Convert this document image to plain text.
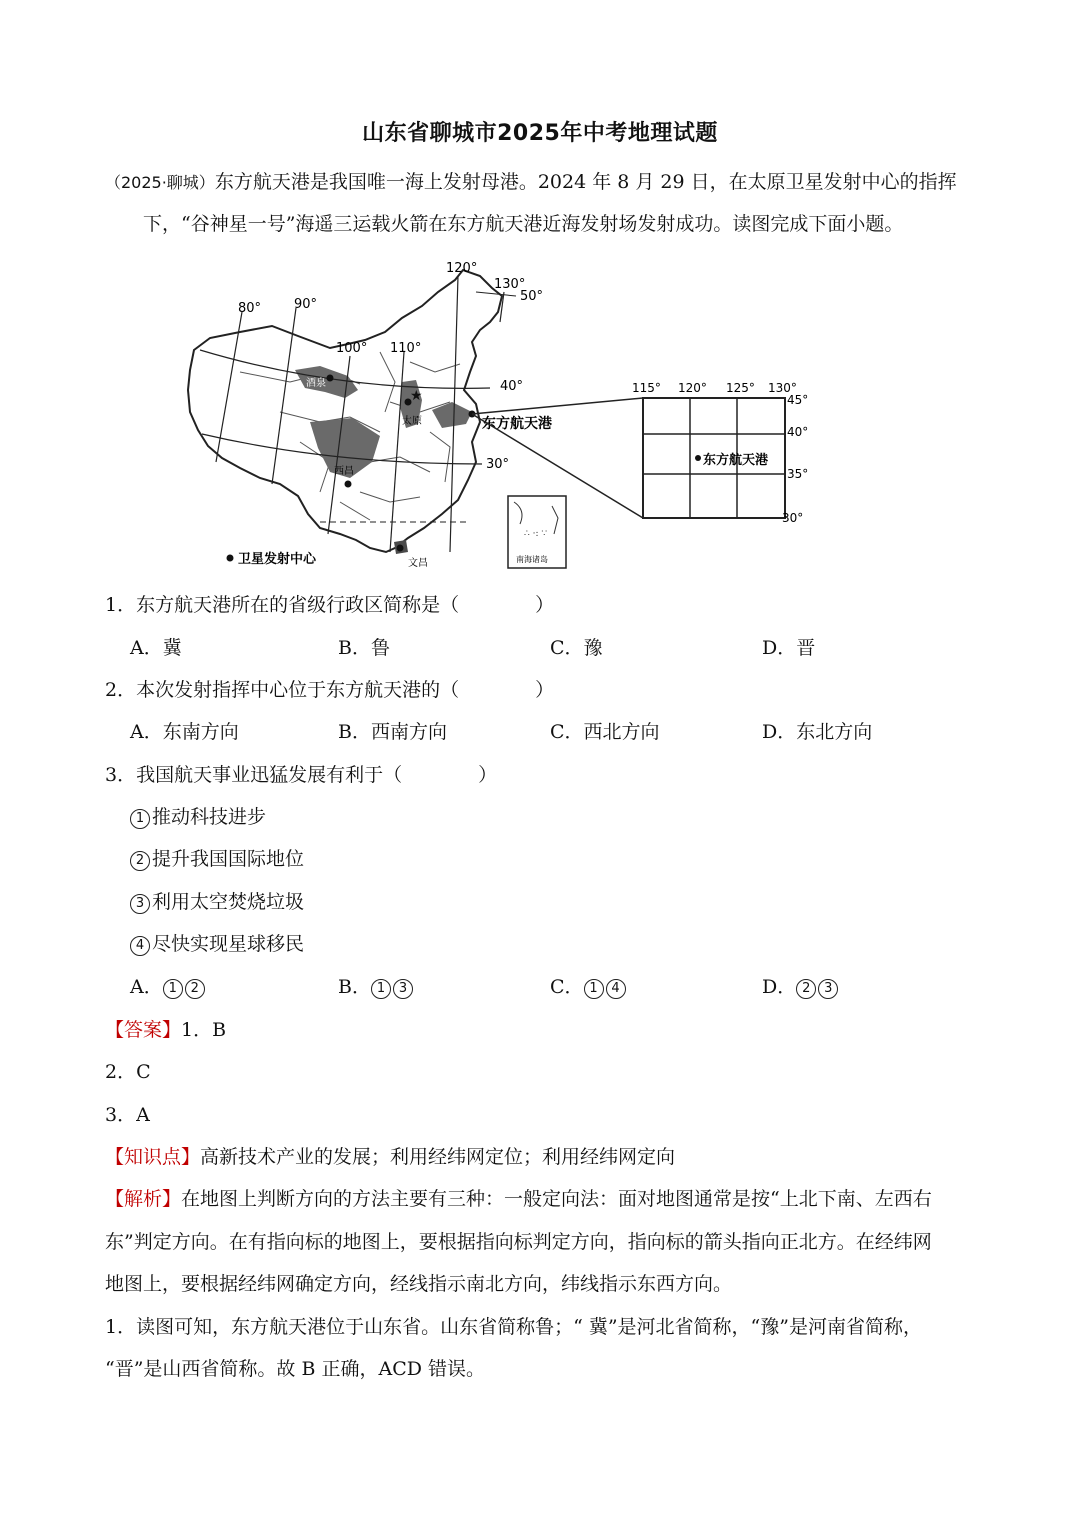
山东省聊城市2025年中考地理试题
（2025·聊城）东方航天港是我国唯一海上发射母港。2024 年 8 月 29 日，在太原卫星发射中心的指挥
下，“谷神星一号”海遥三运载火箭在东方航天港近海发射场发射成功。读图完成下面小题。
★
80°	90°
100° 110°
120°
130°
50°
40°
30°
酒泉
太原
西昌
文昌
东方航天港
卫星发射中心
∴ ·: ∵
南海诸岛
东方航天港
115° 120° 125° 130°
45°
40°
35°
30°
1．东方航天港所在的省级行政区简称是（　　　　）
A．冀	B．鲁	C．豫	D．晋
2．本次发射指挥中心位于东方航天港的（　　　　）
A．东南方向	B．西南方向	C．西北方向	D．东北方向
3．我国航天事业迅猛发展有利于（　　　　）
1 推动科技进步
2 提升我国国际地位
3 利用太空焚烧垃圾
4 尽快实现星球移民
A． 1 2	B． 1 3	C． 1 4	D． 2 3
【答案】1．B
2．C
3．A
【知识点】高新技术产业的发展；利用经纬网定位；利用经纬网定向
【解析】在地图上判断方向的方法主要有三种：一般定向法：面对地图通常是按“上北下南、左西右
东”判定方向。在有指向标的地图上，要根据指向标判定方向，指向标的箭头指向正北方。在经纬网
地图上，要根据经纬网确定方向，经线指示南北方向，纬线指示东西方向。
1．读图可知，东方航天港位于山东省。山东省简称鲁；“ 冀”是河北省简称，“豫”是河南省简称，
“晋”是山西省简称。故 B 正确，ACD 错误。
